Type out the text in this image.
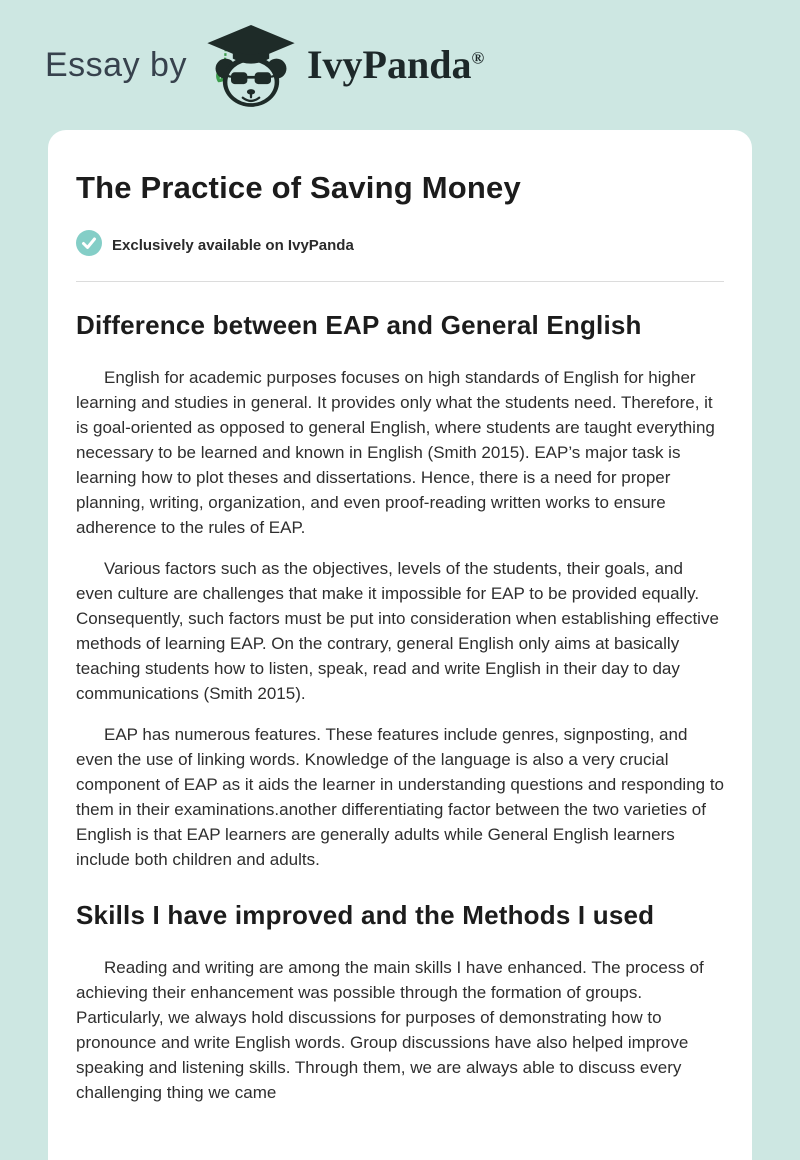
Essay by	IvyPanda®
The Practice of Saving Money
Exclusively available on IvyPanda
Difference between EAP and General English

English for academic purposes focuses on high standards of English for higher learning and studies in general. It provides only what the students need. Therefore, it is goal-oriented as opposed to general English, where students are taught everything necessary to be learned and known in English (Smith 2015). EAP’s major task is learning how to plot theses and dissertations. Hence, there is a need for proper planning, writing, organization, and even proof-reading written works to ensure adherence to the rules of EAP.

Various factors such as the objectives, levels of the students, their goals, and even culture are challenges that make it impossible for EAP to be provided equally. Consequently, such factors must be put into consideration when establishing effective methods of learning EAP. On the contrary, general English only aims at basically teaching students how to listen, speak, read and write English in their day to day communications (Smith 2015).

EAP has numerous features. These features include genres, signposting, and even the use of linking words. Knowledge of the language is also a very crucial component of EAP as it aids the learner in understanding questions and responding to them in their examinations.another differentiating factor between the two varieties of English is that EAP learners are generally adults while General English learners include both children and adults.

Skills I have improved and the Methods I used

Reading and writing are among the main skills I have enhanced. The process of achieving their enhancement was possible through the formation of groups. Particularly, we always hold discussions for purposes of demonstrating how to pronounce and write English words. Group discussions have also helped improve speaking and listening skills. Through them, we are always able to discuss every challenging thing we came
